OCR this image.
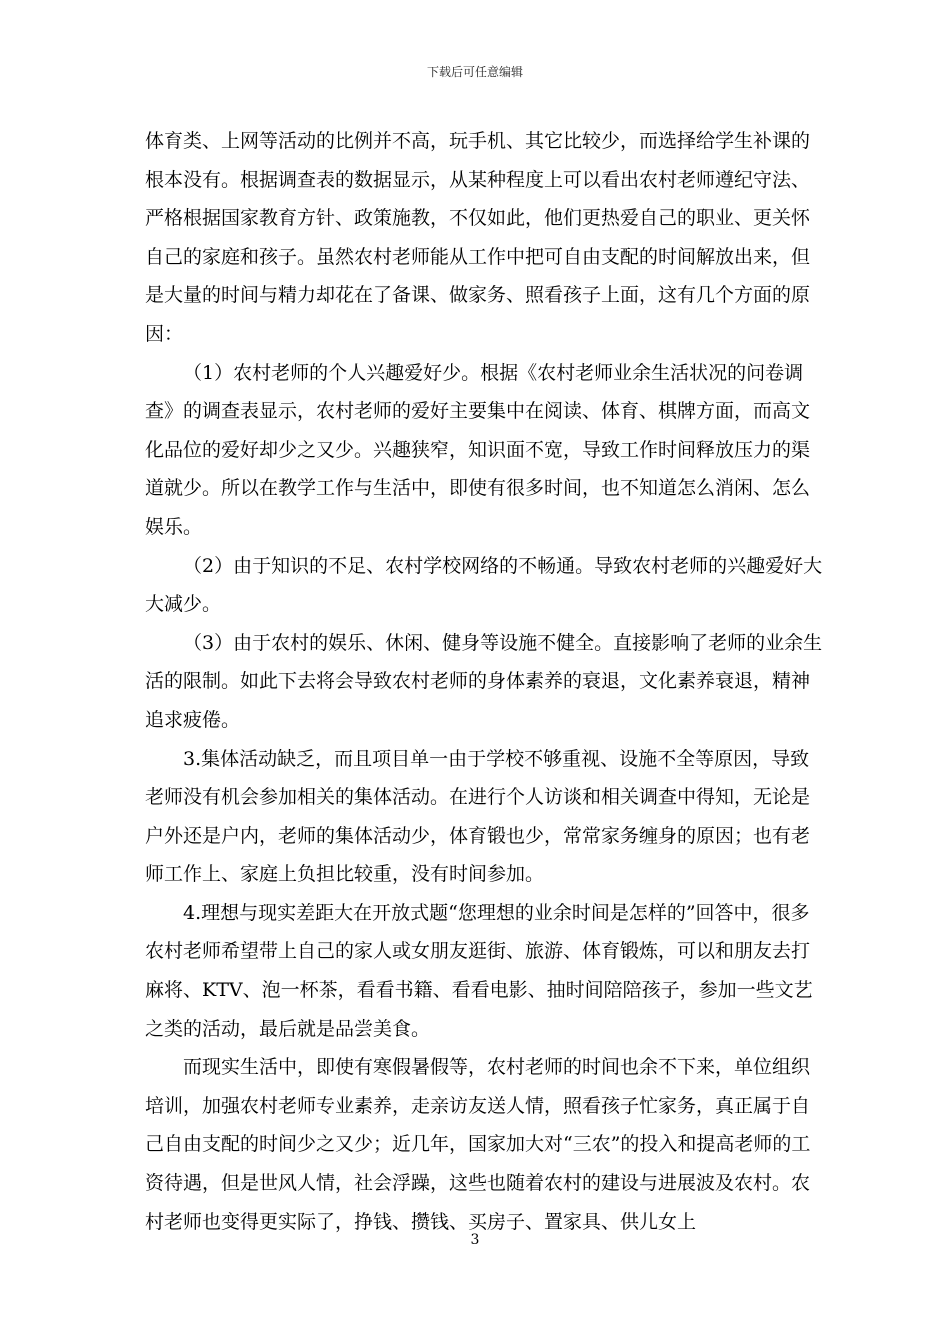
下载后可任意编辑

体育类、上网等活动的比例并不高，玩手机、其它比较少，而选择给学生补课的根本没有。根据调查表的数据显示，从某种程度上可以看出农村老师遵纪守法、严格根据国家教育方针、政策施教，不仅如此，他们更热爱自己的职业、更关怀自己的家庭和孩子。虽然农村老师能从工作中把可自由支配的时间解放出来，但是大量的时间与精力却花在了备课、做家务、照看孩子上面，这有几个方面的原因：

（1）农村老师的个人兴趣爱好少。根据《农村老师业余生活状况的问卷调查》的调查表显示，农村老师的爱好主要集中在阅读、体育、棋牌方面，而高文化品位的爱好却少之又少。兴趣狭窄，知识面不宽，导致工作时间释放压力的渠道就少。所以在教学工作与生活中，即使有很多时间，也不知道怎么消闲、怎么娱乐。

（2）由于知识的不足、农村学校网络的不畅通。导致农村老师的兴趣爱好大大减少。

（3）由于农村的娱乐、休闲、健身等设施不健全。直接影响了老师的业余生活的限制。如此下去将会导致农村老师的身体素养的衰退，文化素养衰退，精神追求疲倦。

3.集体活动缺乏，而且项目单一由于学校不够重视、设施不全等原因，导致老师没有机会参加相关的集体活动。在进行个人访谈和相关调查中得知，无论是户外还是户内，老师的集体活动少，体育锻也少，常常家务缠身的原因；也有老师工作上、家庭上负担比较重，没有时间参加。

4.理想与现实差距大在开放式题“您理想的业余时间是怎样的”回答中，很多农村老师希望带上自己的家人或女朋友逛街、旅游、体育锻炼，可以和朋友去打麻将、KTV、泡一杯茶，看看书籍、看看电影、抽时间陪陪孩子，参加一些文艺之类的活动，最后就是品尝美食。

而现实生活中，即使有寒假暑假等，农村老师的时间也余不下来，单位组织培训，加强农村老师专业素养，走亲访友送人情，照看孩子忙家务，真正属于自己自由支配的时间少之又少；近几年，国家加大对“三农”的投入和提高老师的工资待遇，但是世风人情，社会浮躁，这些也随着农村的建设与进展波及农村。农村老师也变得更实际了，挣钱、攒钱、买房子、置家具、供儿女上

3
